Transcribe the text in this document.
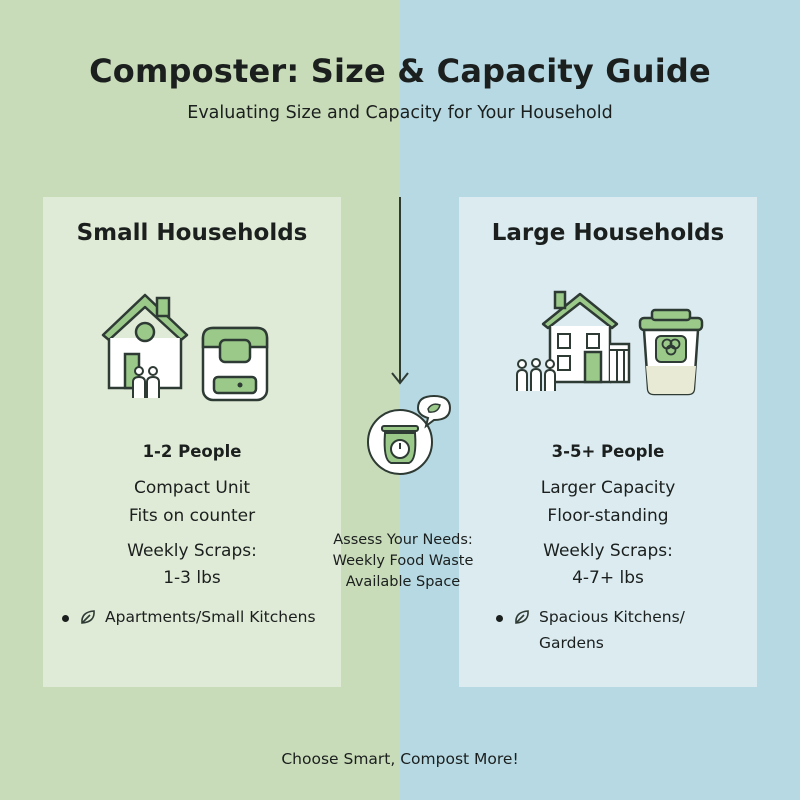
Composter: Size & Capacity Guide
Evaluating Size and Capacity for Your Household
Small Households	Large Households
Assess Your Needs:
Weekly Food Waste
Available Space
1-2 People
Compact Unit
Fits on counter
Weekly Scraps:
1-3 lbs
Apartments/Small Kitchens
3-5+ People
Larger Capacity
Floor-standing
Weekly Scraps:
4-7+ lbs
Spacious Kitchens/
Gardens
Choose Smart, Compost More!
